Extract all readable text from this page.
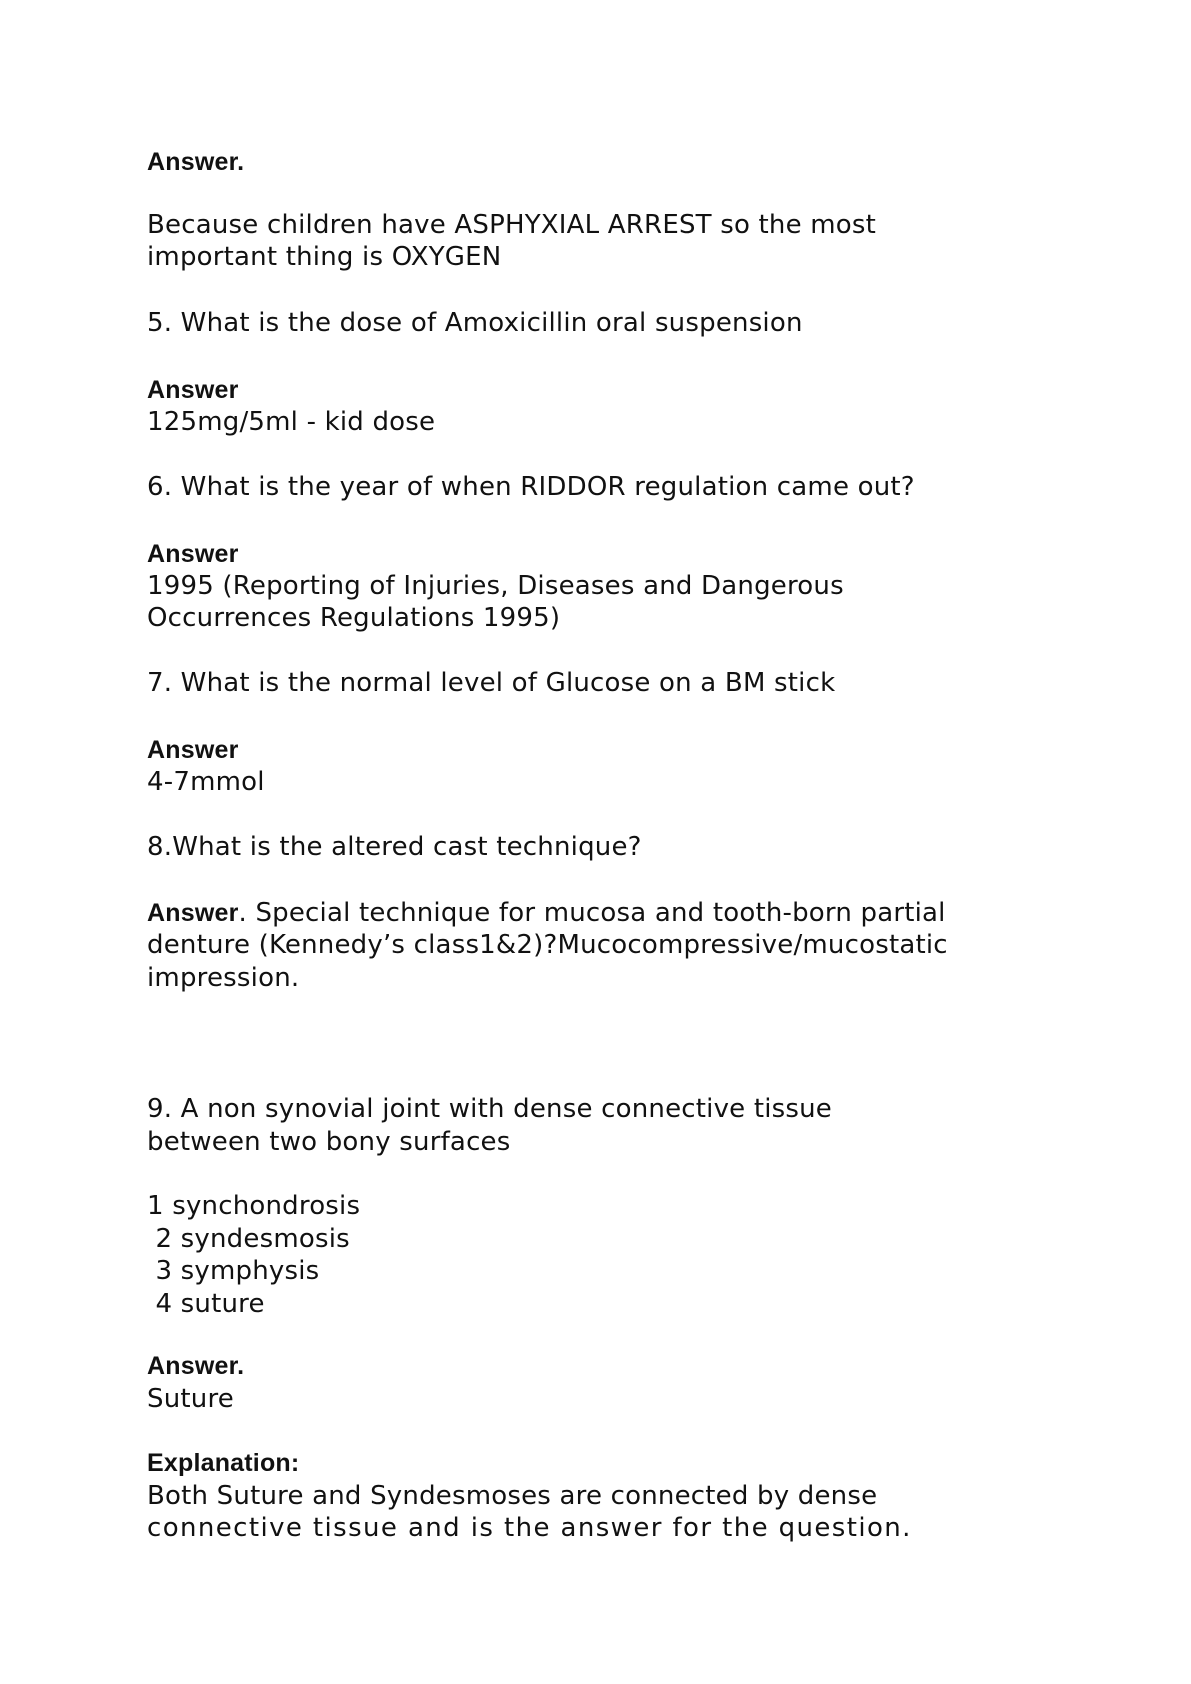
Answer.
Because children have ASPHYXIAL ARREST so the most
important thing is OXYGEN
5. What is the dose of Amoxicillin oral suspension
Answer
125mg/5ml - kid dose
6. What is the year of when RIDDOR regulation came out?
Answer
1995 (Reporting of Injuries, Diseases and Dangerous
Occurrences Regulations 1995)
7. What is the normal level of Glucose on a BM stick
Answer
4-7mmol
8.What is the altered cast technique?
Answer. Special technique for mucosa and tooth-born partial
denture (Kennedy’s class1&2)?Mucocompressive/mucostatic
impression.
9. A non synovial joint with dense connective tissue
between two bony surfaces
1 synchondrosis
2 syndesmosis
3 symphysis
4 suture
Answer.
Suture
Explanation:
Both Suture and Syndesmoses are connected by dense
connective tissue and is the answer for the question.
